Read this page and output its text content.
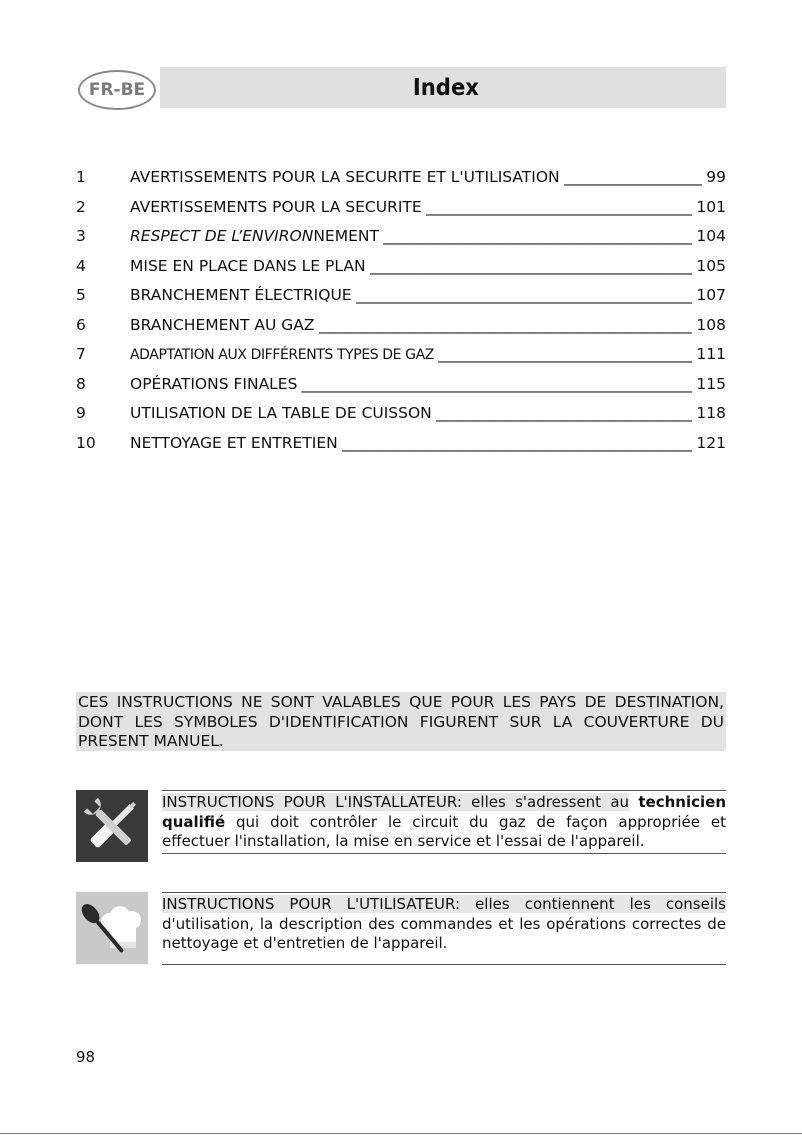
FR-BE	Index
1	AVERTISSEMENTS POUR LA SECURITE ET L'UTILISATION _____	99
2	AVERTISSEMENTS POUR LA SECURITE _____	101
3	RESPECT DE L’ENVIRONNEMENT _____	104
4	MISE EN PLACE DANS LE PLAN _____	105
5	BRANCHEMENT ÉLECTRIQUE _____	107
6	BRANCHEMENT AU GAZ _____	108
7	ADAPTATION AUX DIFFÉRENTS TYPES DE GAZ _____	111
8	OPÉRATIONS FINALES _____	115
9	UTILISATION DE LA TABLE DE CUISSON _____	118
10	NETTOYAGE ET ENTRETIEN _____	121
CES INSTRUCTIONS NE SONT VALABLES QUE POUR LES PAYS DE DESTINATION, DONT LES SYMBOLES D'IDENTIFICATION FIGURENT SUR LA COUVERTURE DU PRESENT MANUEL.
INSTRUCTIONS POUR L'INSTALLATEUR: elles s'adressent au technicien qualifié qui doit contrôler le circuit du gaz de façon appropriée et effectuer l'installation, la mise en service et l'essai de l'appareil.
INSTRUCTIONS POUR L'UTILISATEUR: elles contiennent les conseils d'utilisation, la description des commandes et les opérations correctes de nettoyage et d'entretien de l'appareil.
98
